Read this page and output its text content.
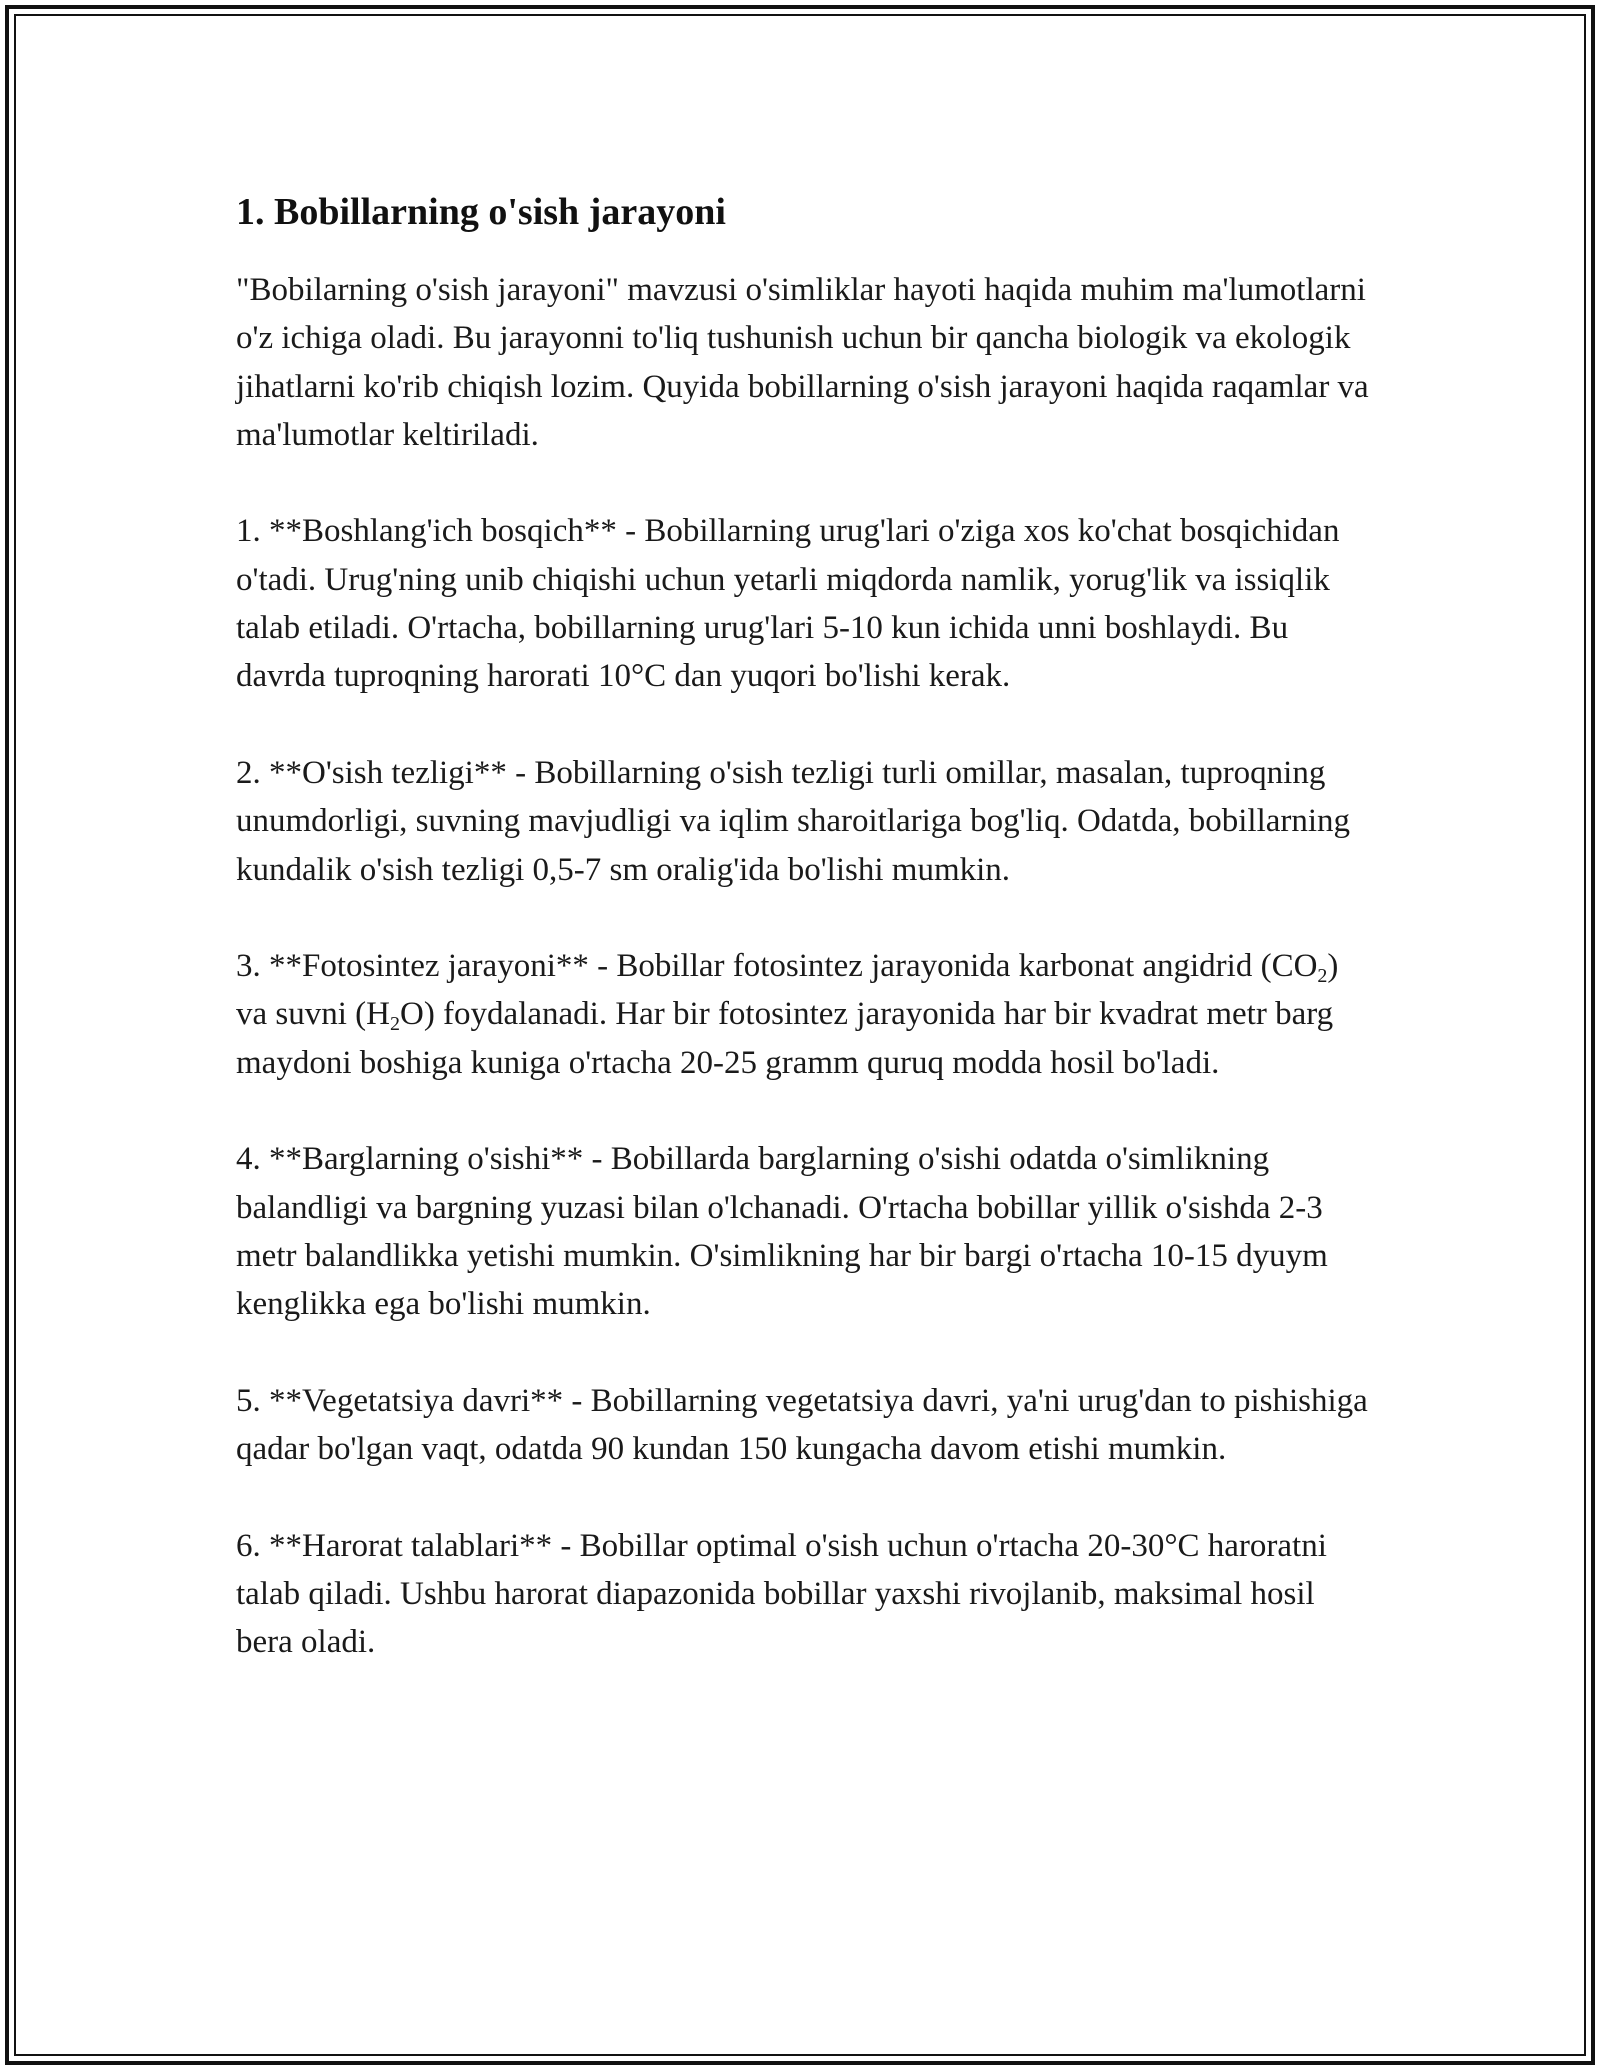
1. Bobillarning o'sish jarayoni

"Bobilarning o'sish jarayoni" mavzusi o'simliklar hayoti haqida muhim ma'lumotlarni o'z ichiga oladi. Bu jarayonni to'liq tushunish uchun bir qancha biologik va ekologik jihatlarni ko'rib chiqish lozim. Quyida bobillarning o'sish jarayoni haqida raqamlar va ma'lumotlar keltiriladi.

1. **Boshlang'ich bosqich** - Bobillarning urug'lari o'ziga xos ko'chat bosqichidan o'tadi. Urug'ning unib chiqishi uchun yetarli miqdorda namlik, yorug'lik va issiqlik talab etiladi. O'rtacha, bobillarning urug'lari 5-10 kun ichida unni boshlaydi. Bu davrda tuproqning harorati 10°C dan yuqori bo'lishi kerak.

2. **O'sish tezligi** - Bobillarning o'sish tezligi turli omillar, masalan, tuproqning unumdorligi, suvning mavjudligi va iqlim sharoitlariga bog'liq. Odatda, bobillarning kundalik o'sish tezligi 0,5-7 sm oralig'ida bo'lishi mumkin.

3. **Fotosintez jarayoni** - Bobillar fotosintez jarayonida karbonat angidrid $(CO_2)$ va suvni $(H_2O)$ foydalanadi. Har bir fotosintez jarayonida har bir kvadrat metr barg maydoni boshiga kuniga o'rtacha 20-25 gramm quruq modda hosil bo'ladi.

4. **Barglarning o'sishi** - Bobillarda barglarning o'sishi odatda o'simlikning balandligi va bargning yuzasi bilan o'lchanadi. O'rtacha bobillar yillik o'sishda 2-3 metr balandlikka yetishi mumkin. O'simlikning har bir bargi o'rtacha 10-15 dyuym kenglikka ega bo'lishi mumkin.

5. **Vegetatsiya davri** - Bobillarning vegetatsiya davri, ya'ni urug'dan to pishishiga qadar bo'lgan vaqt, odatda 90 kundan 150 kungacha davom etishi mumkin.

6. **Harorat talablari** - Bobillar optimal o'sish uchun o'rtacha 20-30°C haroratni talab qiladi. Ushbu harorat diapazonida bobillar yaxshi rivojlanib, maksimal hosil bera oladi.
